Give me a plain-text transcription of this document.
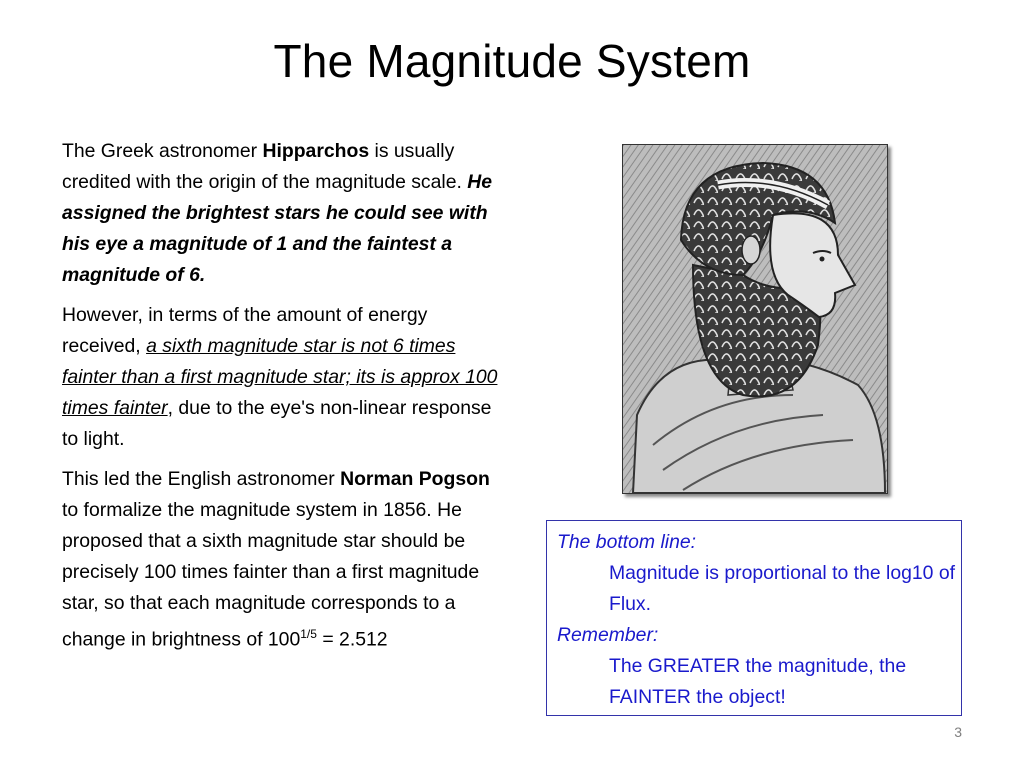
The Magnitude System

The Greek astronomer Hipparchos is usually credited with the origin of the magnitude scale. He assigned the brightest stars he could see with his eye a magnitude of 1 and the faintest a magnitude of 6.

However, in terms of the amount of energy received, a sixth magnitude star is not 6 times fainter than a first magnitude star; its is approx 100 times fainter, due to the eye's non-linear response to light.

This led the English astronomer Norman Pogson to formalize the magnitude system in 1856. He proposed that a sixth magnitude star should be precisely 100 times fainter than a first magnitude star, so that each magnitude corresponds to a change in brightness of $100^{1/5} = 2.512$

The bottom line:
Magnitude is proportional to the log10 of Flux.
Remember:
The GREATER the magnitude, the FAINTER the object!
3
